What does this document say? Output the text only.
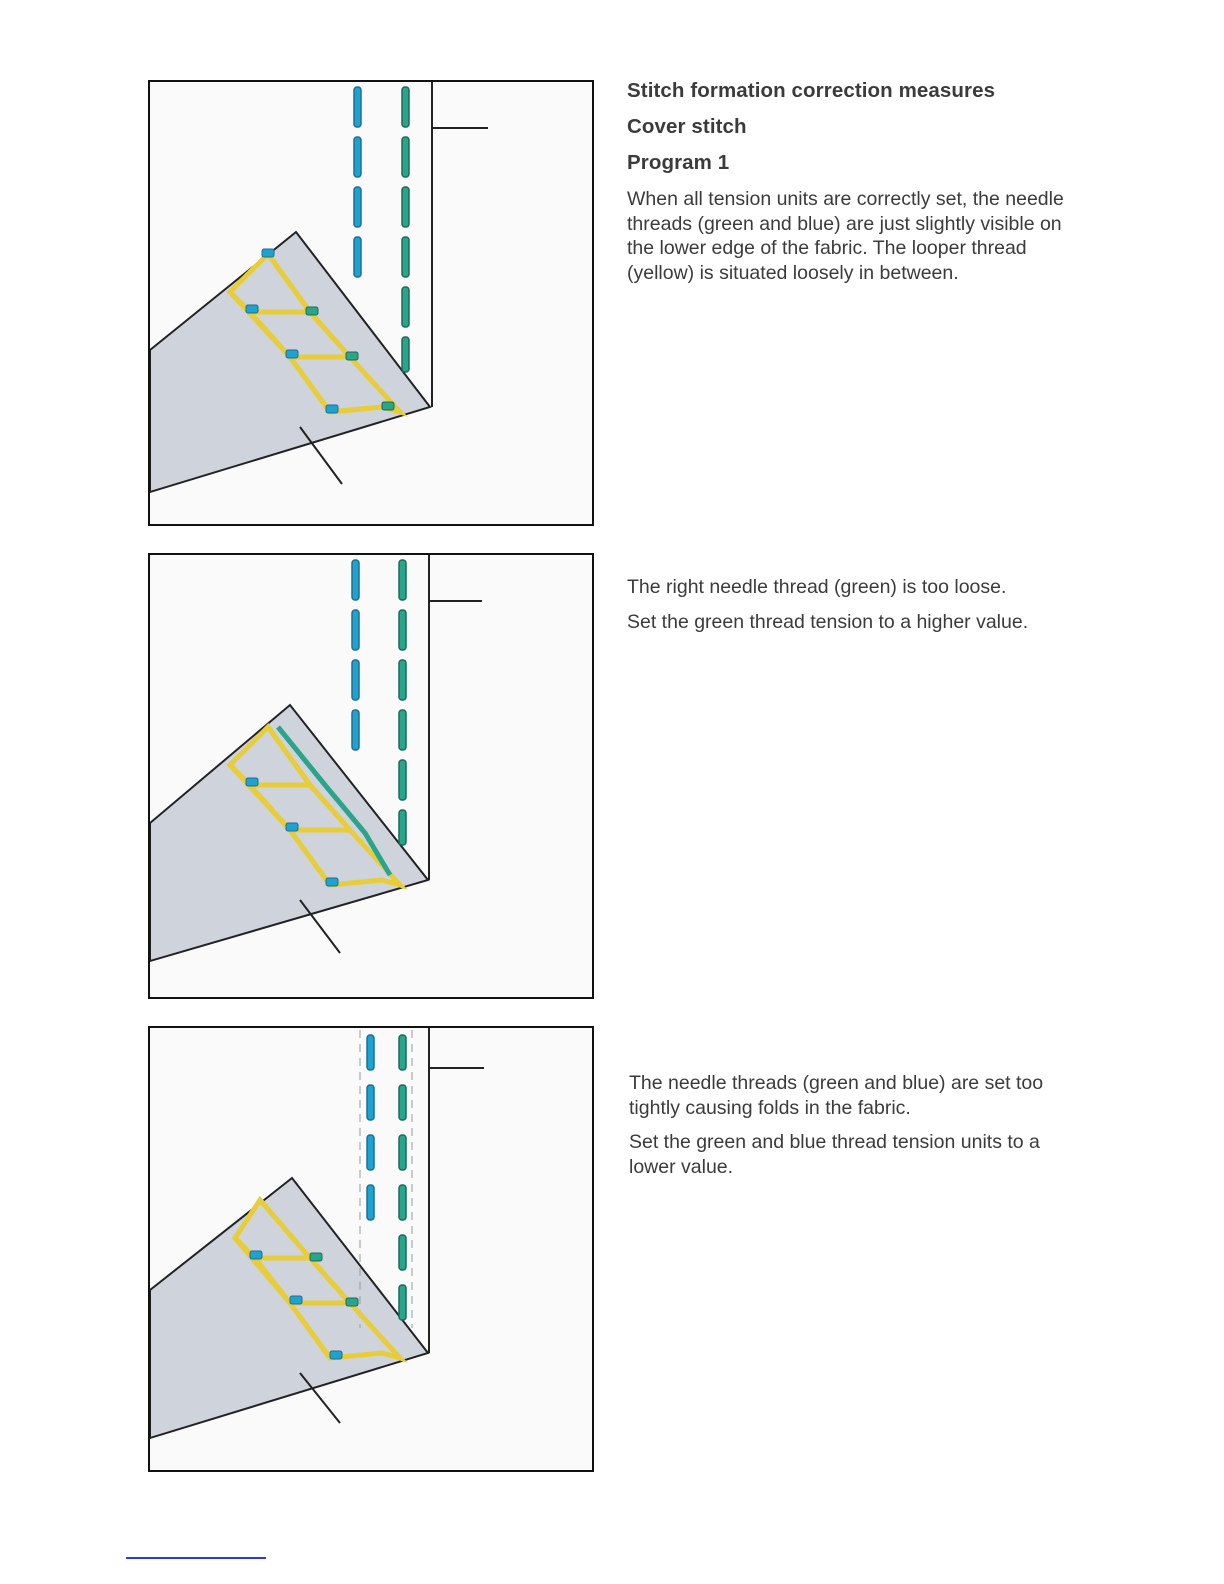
Stitch formation correction measures
Cover stitch
Program 1
When all tension units are correctly set, the needle threads (green and blue) are just slightly visible on the lower edge of the fabric. The looper thread (yellow) is situated loosely in between.
The right needle thread (green) is too loose.
Set the green thread tension to a higher value.
The needle threads (green and blue) are set too tightly causing folds in the fabric.
Set the green and blue thread tension units to a lower value.
